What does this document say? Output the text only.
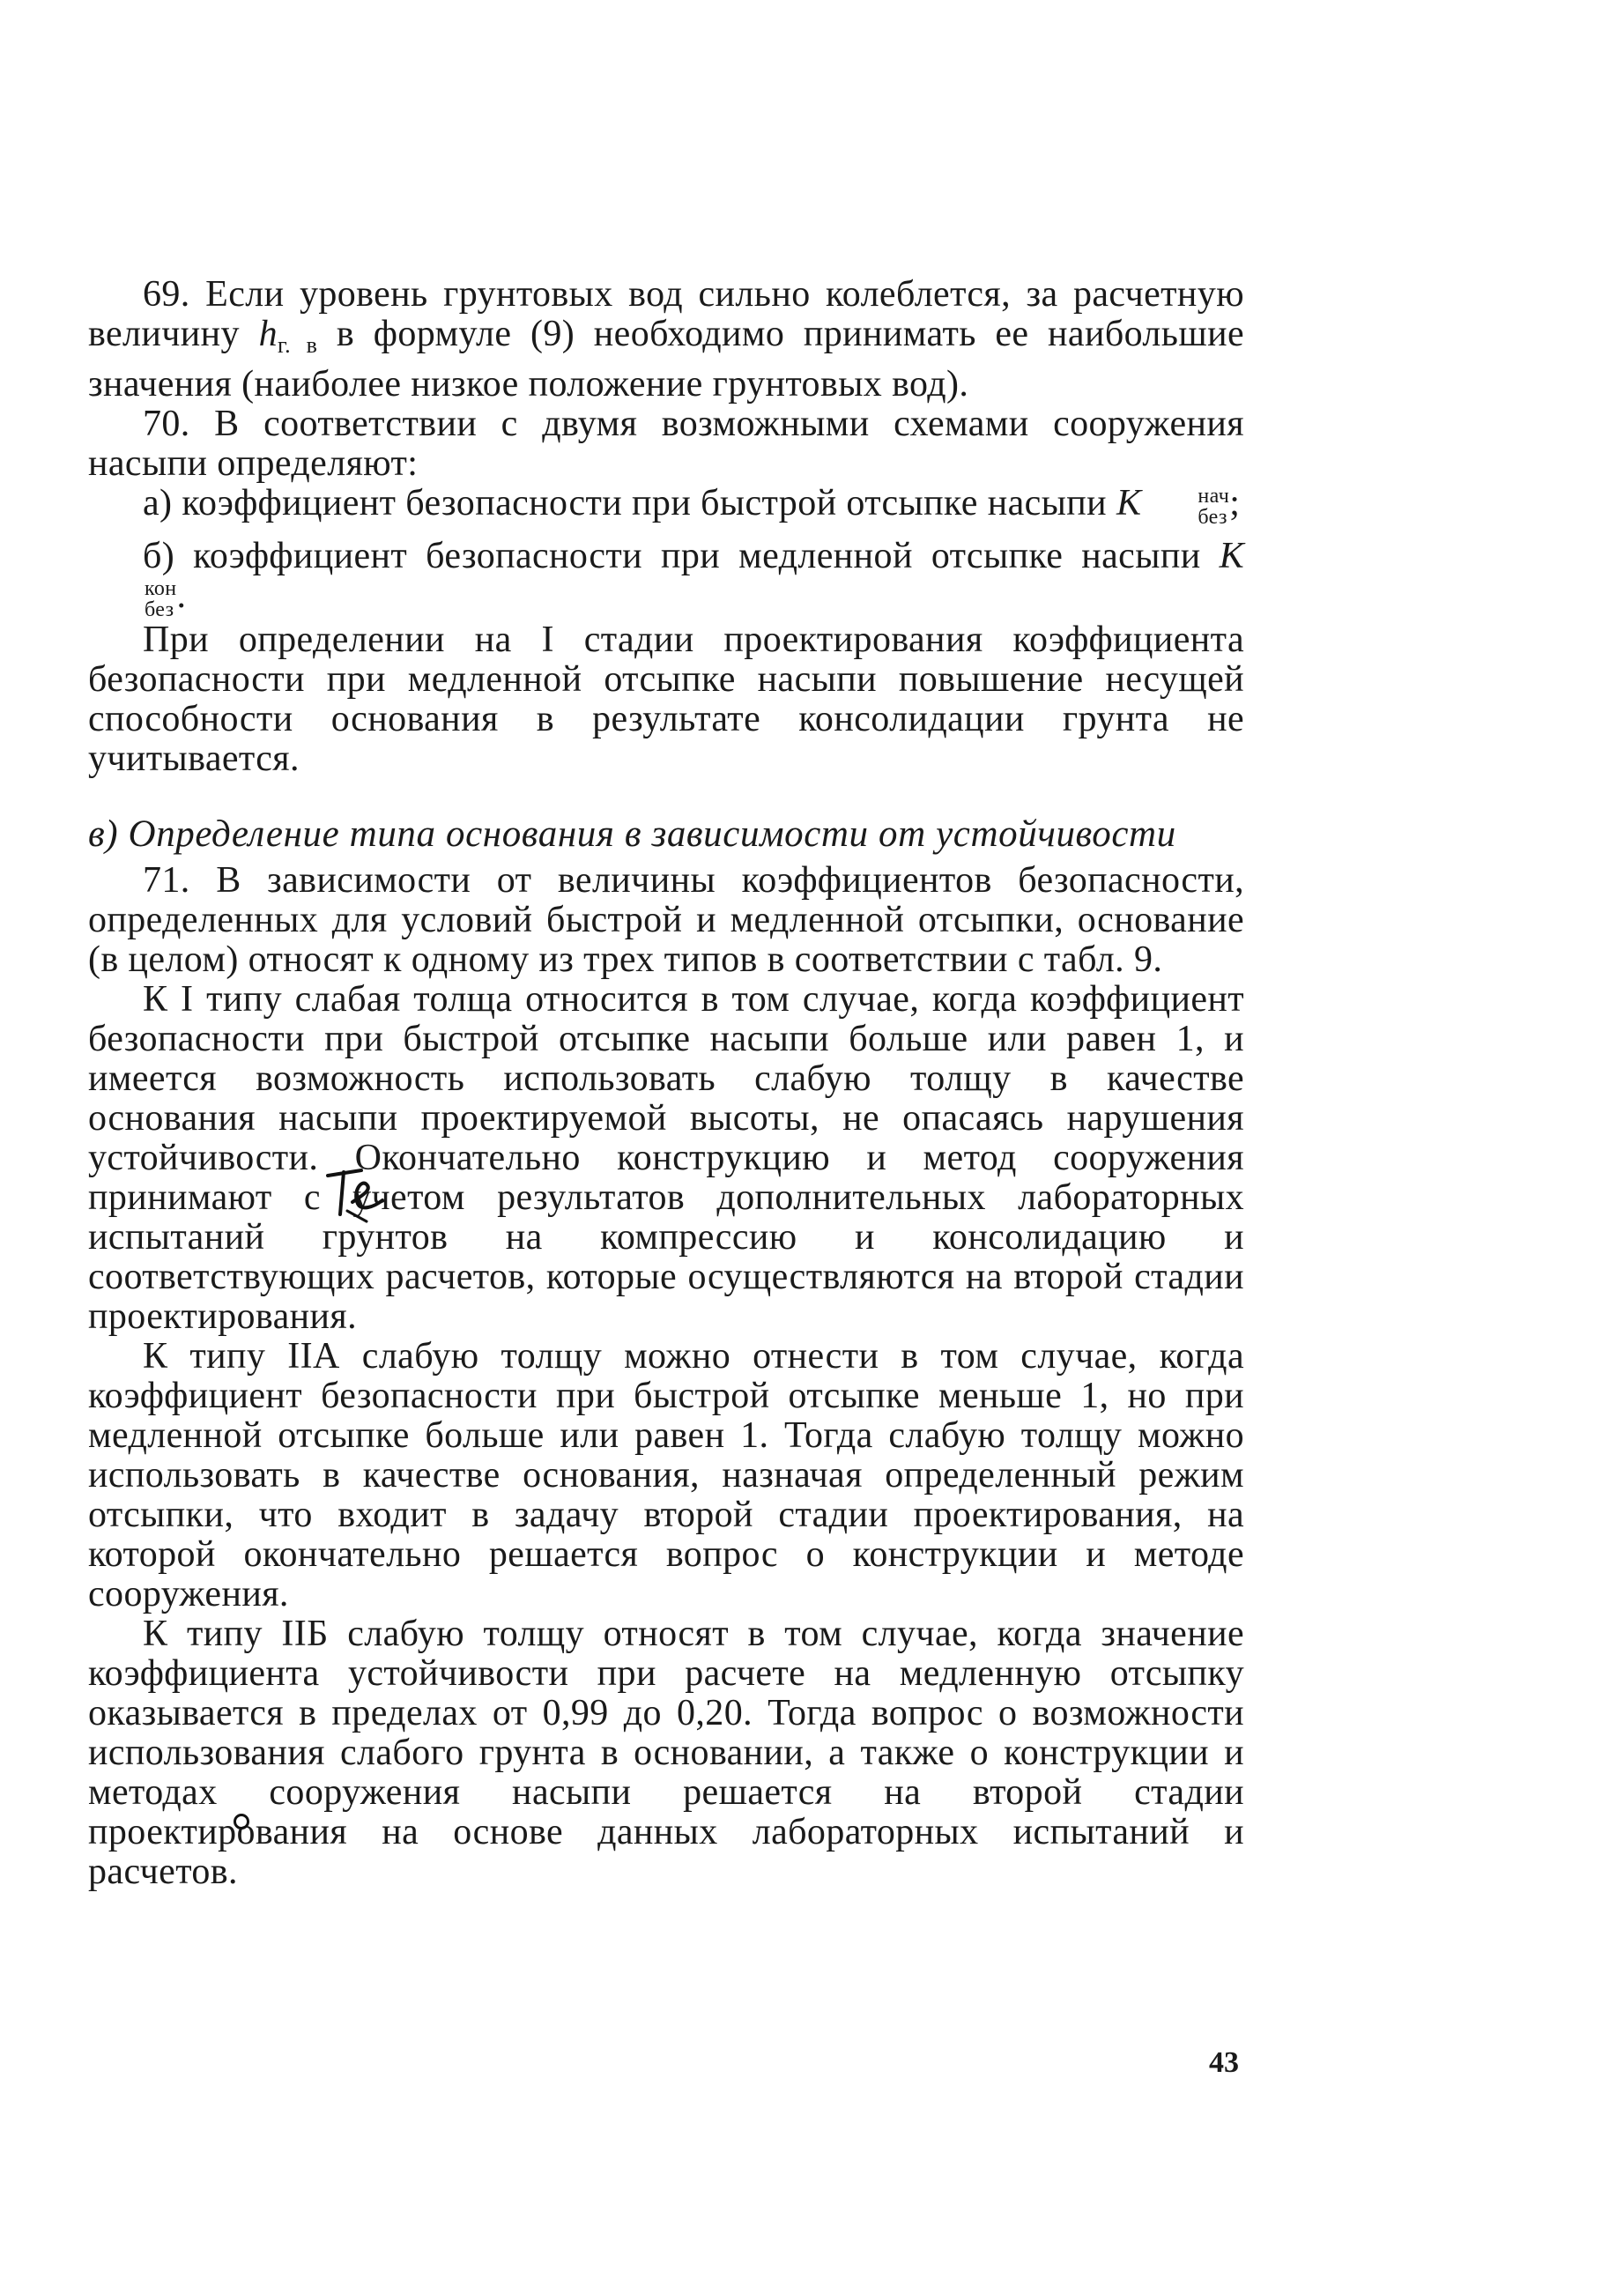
69. Если уровень грунтовых вод сильно колеблется, за расчетную величину $h_{г. в}$ в формуле (9) необходимо принимать ее наибольшие значения (наиболее низкое положение грунтовых вод).

70. В соответствии с двумя возможными схемами сооружения насыпи определяют:

а) коэффициент безопасности при быстрой отсыпке насыпи K	нач
без ;

б) коэффициент безопасности при медленной отсыпке насыпи K
кон
без .

При определении на I стадии проектирования коэффициента безопасности при медленной отсыпке насыпи повышение несущей способности основания в результате консолидации грунта не учитывается.

в) Определение типа основания в зависимости от устойчивости

71. В зависимости от величины коэффициентов безопасности, определенных для условий быстрой и медленной отсыпки, основание (в целом) относят к одному из трех типов в соответствии с табл. 9.

К I типу слабая толща относится в том случае, когда коэффициент безопасности при быстрой отсыпке насыпи больше или равен 1, и имеется возможность использовать слабую толщу в качестве основания насыпи проектируемой высоты, не опасаясь нарушения устойчивости. Окончательно конструкцию и метод сооружения принимают с учетом результатов дополнительных лабораторных испытаний грунтов на компрессию и консолидацию и соответствующих расчетов, которые осуществляются на второй стадии проектирования.

К типу IIА слабую толщу можно отнести в том случае, когда коэффициент безопасности при быстрой отсыпке меньше 1, но при медленной отсыпке больше или равен 1. Тогда слабую толщу можно использовать в качестве основания, назначая определенный режим отсыпки, что входит в задачу второй стадии проектирования, на которой окончательно решается вопрос о конструкции и методе сооружения.

К типу IIБ слабую толщу относят в том случае, когда значение коэффициента устойчивости при расчете на медленную отсыпку оказывается в пределах от 0,99 до 0,20. Тогда вопрос о возможности использования слабого грунта в основании, а также о конструкции и методах сооружения насыпи решается на второй стадии проектирования на основе данных лабораторных испытаний и расчетов.

43
